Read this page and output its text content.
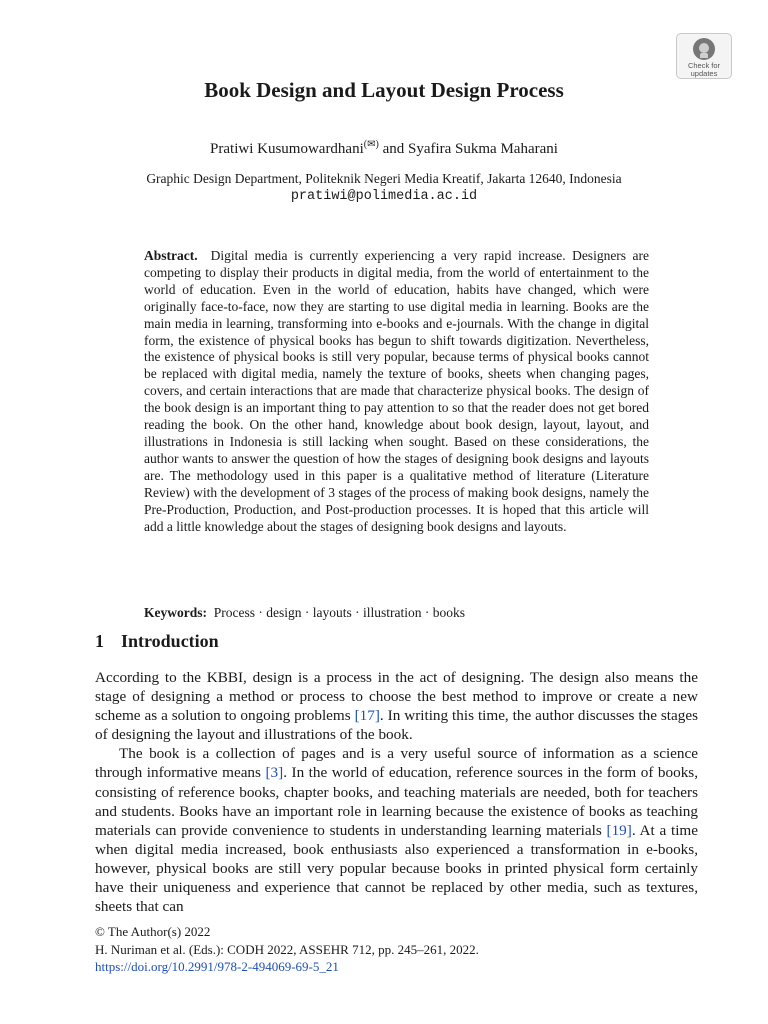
Check for updates
Book Design and Layout Design Process
Pratiwi Kusumowardhani(✉) and Syafira Sukma Maharani
Graphic Design Department, Politeknik Negeri Media Kreatif, Jakarta 12640, Indonesia
pratiwi@polimedia.ac.id

Abstract. Digital media is currently experiencing a very rapid increase. Designers are competing to display their products in digital media, from the world of entertainment to the world of education. Even in the world of education, habits have changed, which were originally face-to-face, now they are starting to use digital media in learning. Books are the main media in learning, transforming into e-books and e-journals. With the change in digital form, the existence of physical books has begun to shift towards digitization. Nevertheless, the existence of physical books is still very popular, because terms of physical books cannot be replaced with digital media, namely the texture of books, sheets when changing pages, covers, and certain interactions that are made that characterize physical books. The design of the book design is an important thing to pay attention to so that the reader does not get bored reading the book. On the other hand, knowledge about book design, layout, layout, and illustrations in Indonesia is still lacking when sought. Based on these considerations, the author wants to answer the question of how the stages of designing book designs and layouts are. The methodology used in this paper is a qualitative method of literature (Literature Review) with the development of 3 stages of the process of making book designs, namely the Pre-Production, Production, and Post-production processes. It is hoped that this article will add a little knowledge about the stages of designing book designs and layouts.

Keywords: Process · design · layouts · illustration · books

1 Introduction

According to the KBBI, design is a process in the act of designing. The design also means the stage of designing a method or process to choose the best method to improve or create a new scheme as a solution to ongoing problems [17]. In writing this time, the author discusses the stages of designing the layout and illustrations of the book.

The book is a collection of pages and is a very useful source of information as a science through informative means [3]. In the world of education, reference sources in the form of books, consisting of reference books, chapter books, and teaching materials are needed, both for teachers and students. Books have an important role in learning because the existence of books as teaching materials can provide convenience to students in understanding learning materials [19]. At a time when digital media increased, book enthusiasts also experienced a transformation in e-books, however, physical books are still very popular because books in printed physical form certainly have their uniqueness and experience that cannot be replaced by other media, such as textures, sheets that can

© The Author(s) 2022
H. Nuriman et al. (Eds.): CODH 2022, ASSEHR 712, pp. 245–261, 2022.
https://doi.org/10.2991/978-2-494069-69-5_21
